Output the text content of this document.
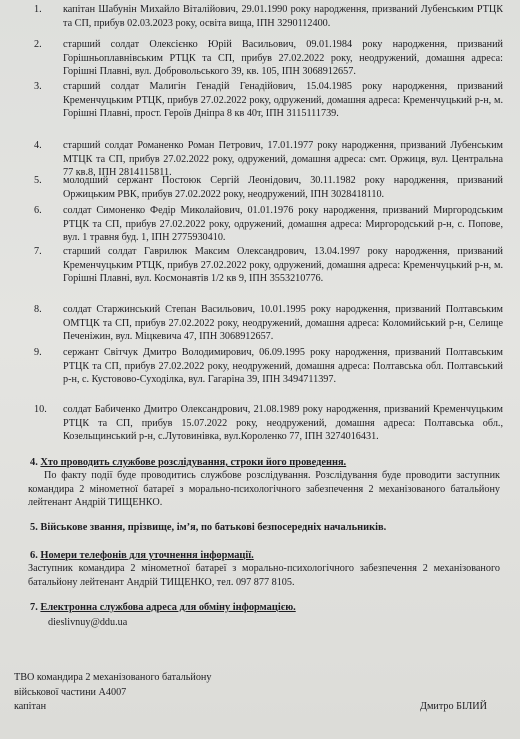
1.	капітан Шабунін Михайло Віталійович, 29.01.1990 року народження, призваний Лубенським РТЦК та СП, прибув 02.03.2023 року, освіта вища, ІПН 3290112400.
2.	старший солдат Олексієнко Юрій Васильович, 09.01.1984 року народження, призваний Горішньоплавнівським РТЦК та СП, прибув 27.02.2022 року, неодружений, домашня адреса: Горішні Плавні, вул. Добровольського 39, кв. 105, ІПН 3068912657.
3.	старший солдат Малигін Генадій Генадійович, 15.04.1985 року народження, призваний Кременчуцьким РТЦК, прибув 27.02.2022 року, одружений, домашня адреса: Кременчуцький р-н, м. Горішні Плавні, прост. Героїв Дніпра 8 кв 40т, ІПН 3115111739.
4.	старший солдат Романенко Роман Петрович, 17.01.1977 року народження, призваний Лубенським МТЦК та СП, прибув 27.02.2022 року, одружений, домашня адреса: смт. Оржиця, вул. Центральна 77 кв.8, ІПН 2814115811.
5.	молодший сержант Постоюк Сергій Леонідович, 30.11.1982 року народження, призваний Оржицьким РВК, прибув 27.02.2022 року, неодружений, ІПН 3028418110.
6.	солдат Симоненко Федір Миколайович, 01.01.1976 року народження, призваний Миргородським РТЦК та СП, прибув 27.02.2022 року, одружений, домашня адреса: Миргородський р-н, с. Попове, вул. 1 травня буд. 1, ІПН 2775930410.
7.	старший солдат Гаврилюк Максим Олександрович, 13.04.1997 року народження, призваний Кременчуцьким РТЦК, прибув 27.02.2022 року, одружений, домашня адреса: Кременчуцький р-н, м. Горішні Плавні, вул. Космонавтів 1/2 кв 9, ІПН 3553210776.
8.	солдат Старжинський Степан Васильович, 10.01.1995 року народження, призваний Полтавським ОМТЦК та СП, прибув 27.02.2022 року, неодружений, домашня адреса: Коломийський р-н, Селище Печеніжин, вул. Міцкевича 47, ІПН 3068912657.
9.	сержант Світчук Дмитро Володимирович, 06.09.1995 року народження, призваний Полтавським РТЦК та СП, прибув 27.02.2022 року, неодружений, домашня адреса: Полтавська обл. Полтавський р-н, с. Кустовово-Суходілка, вул. Гагаріна 39, ІПН 3494711397.
10.	солдат Бабиченко Дмитро Олександрович, 21.08.1989 року народження, призваний Кременчуцьким РТЦК та СП, прибув 15.07.2022 року, неодружений, домашня адреса: Полтавська обл., Козельщинський р-н, с.Лутовинівка, вул.Короленко 77, ІПН 3274016431.
4. Хто проводить службове розслідування, строки його проведення.
По факту події буде проводитись службове розслідування. Розслідування буде проводити заступник командира 2 мінометної батареї з морально-психологічного забезпечення 2 механізованого батальйону лейтенант Андрій ТИЩЕНКО.
5. Військове звання, прізвище, ім’я, по батькові безпосередніх начальників.
6. Номери телефонів для уточнення інформації.
Заступник командира 2 мінометної батареї з морально-психологічного забезпечення 2 механізованого батальйону лейтенант Андрій ТИЩЕНКО, тел. 097 877 8105.
7. Електронна службова адреса для обміну інформацією.
dieslivnuy@ddu.ua
ТВО командира 2 механізованого батальйону
військової частини А4007
капітан	Дмитро БІЛИЙ
